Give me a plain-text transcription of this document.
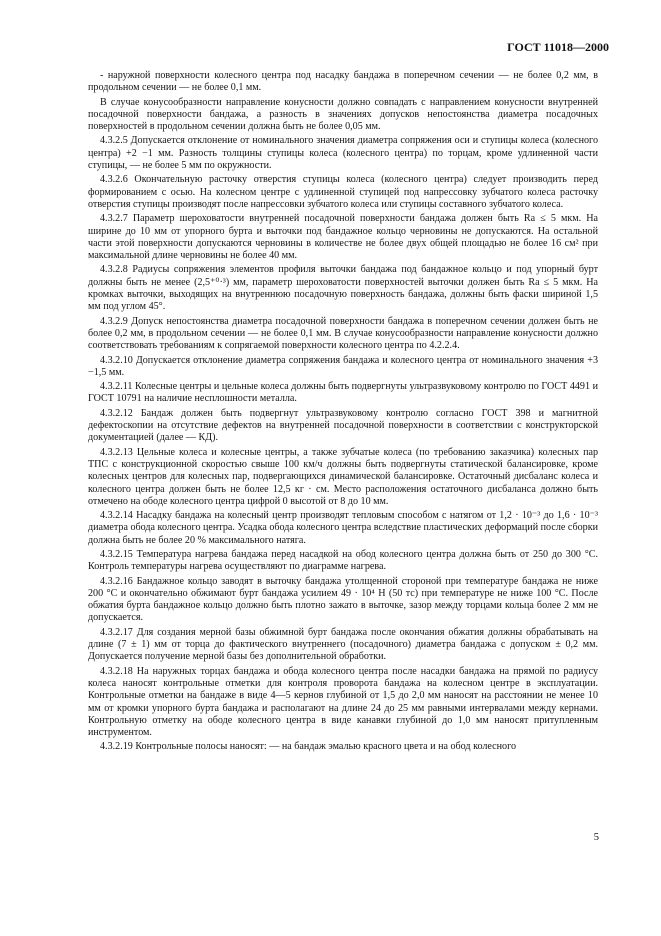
ГОСТ 11018—2000

- наружной поверхности колесного центра под насадку бандажа в поперечном сечении — не более 0,2 мм, в продольном сечении — не более 0,1 мм.

В случае конусообразности направление конусности должно совпадать с направлением конусности внутренней посадочной поверхности бандажа, а разность в значениях допусков непостоянства диаметра посадочных поверхностей в продольном сечении должна быть не более 0,05 мм.

4.3.2.5 Допускается отклонение от номинального значения диаметра сопряжения оси и ступицы колеса (колесного центра) +2 −1 мм. Разность толщины ступицы колеса (колесного центра) по торцам, кроме удлиненной части ступицы, — не более 5 мм по окружности.

4.3.2.6 Окончательную расточку отверстия ступицы колеса (колесного центра) следует производить перед формированием с осью. На колесном центре с удлиненной ступицей под напрессовку зубчатого колеса расточку отверстия ступицы производят после напрессовки зубчатого колеса или ступицы составного зубчатого колеса.

4.3.2.7 Параметр шероховатости внутренней посадочной поверхности бандажа должен быть Ra ≤ 5 мкм. На ширине до 10 мм от упорного бурта и выточки под бандажное кольцо черновины не допускаются. На остальной части этой поверхности допускаются черновины в количестве не более двух общей площадью не более 16 см² при максимальной длине черновины не более 40 мм.

4.3.2.8 Радиусы сопряжения элементов профиля выточки бандажа под бандажное кольцо и под упорный бурт должны быть не менее (2,5⁺⁰·³) мм, параметр шероховатости поверхностей выточки должен быть Ra ≤ 5 мкм. На кромках выточки, выходящих на внутреннюю посадочную поверхность бандажа, должны быть фаски шириной 1,5 мм под углом 45°.

4.3.2.9 Допуск непостоянства диаметра посадочной поверхности бандажа в поперечном сечении должен быть не более 0,2 мм, в продольном сечении — не более 0,1 мм. В случае конусообразности направление конусности должно соответствовать требованиям к сопрягаемой поверхности колесного центра по 4.2.2.4.

4.3.2.10 Допускается отклонение диаметра сопряжения бандажа и колесного центра от номинального значения +3 −1,5 мм.

4.3.2.11 Колесные центры и цельные колеса должны быть подвергнуты ультразвуковому контролю по ГОСТ 4491 и ГОСТ 10791 на наличие несплошности металла.

4.3.2.12 Бандаж должен быть подвергнут ультразвуковому контролю согласно ГОСТ 398 и магнитной дефектоскопии на отсутствие дефектов на внутренней посадочной поверхности в соответствии с конструкторской документацией (далее — КД).

4.3.2.13 Цельные колеса и колесные центры, а также зубчатые колеса (по требованию заказчика) колесных пар ТПС с конструкционной скоростью свыше 100 км/ч должны быть подвергнуты статической балансировке, кроме колесных центров для колесных пар, подвергающихся динамической балансировке. Остаточный дисбаланс колеса и колесного центра должен быть не более 12,5 кг · см. Место расположения остаточного дисбаланса должно быть отмечено на ободе колесного центра цифрой 0 высотой от 8 до 10 мм.

4.3.2.14 Насадку бандажа на колесный центр производят тепловым способом с натягом от 1,2 · 10⁻³ до 1,6 · 10⁻³ диаметра обода колесного центра. Усадка обода колесного центра вследствие пластических деформаций после сборки должна быть не более 20 % максимального натяга.

4.3.2.15 Температура нагрева бандажа перед насадкой на обод колесного центра должна быть от 250 до 300 °С. Контроль температуры нагрева осуществляют по диаграмме нагрева.

4.3.2.16 Бандажное кольцо заводят в выточку бандажа утолщенной стороной при температуре бандажа не ниже 200 °С и окончательно обжимают бурт бандажа усилием 49 · 10⁴ Н (50 тс) при температуре не ниже 100 °С. После обжатия бурта бандажное кольцо должно быть плотно зажато в выточке, зазор между торцами кольца более 2 мм не допускается.

4.3.2.17 Для создания мерной базы обжимной бурт бандажа после окончания обжатия должны обрабатывать на длине (7 ± 1) мм от торца до фактического внутреннего (посадочного) диаметра бандажа с допуском ± 0,2 мм. Допускается получение мерной базы без дополнительной обработки.

4.3.2.18 На наружных торцах бандажа и обода колесного центра после насадки бандажа на прямой по радиусу колеса наносят контрольные отметки для контроля проворота бандажа на колесном центре в эксплуатации. Контрольные отметки на бандаже в виде 4—5 кернов глубиной от 1,5 до 2,0 мм наносят на расстоянии не менее 10 мм от кромки упорного бурта бандажа и располагают на длине 24 до 25 мм равными интервалами между кернами. Контрольную отметку на ободе колесного центра в виде канавки глубиной до 1,0 мм наносят притупленным инструментом.

4.3.2.19 Контрольные полосы наносят: — на бандаж эмалью красного цвета и на обод колесного

5
